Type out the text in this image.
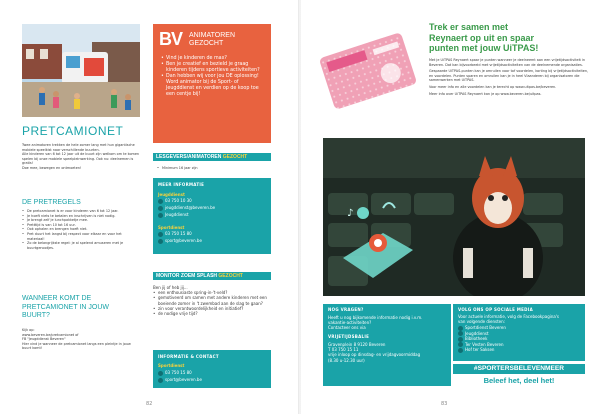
PRETCAMIONET
Twee animatoren trekken de hele zomer lang met hun gigantische mobiele speelkist naar verschillende buurten.
Alle kinderen van 6 tot 12 jaar uit de buurt zijn welkom om te komen spelen bij onze mobiele speelpleinwerking. Ook nu: deelnemen is gratis!
Doe mee, bewegen en ontmoeten!
DE PRETREGELS
• De pretcamionet is er voor kinderen van 6 tot 12 jaar.
• Je hoeft niets te betalen en inschrijven is niet nodig.
• Je brengt zelf je lunchpakketje mee.
• Pretttijd is van 10 tot 16 uur.
• Ook ophalen en brengen hoeft niet.
• Pret duurt het langst bij respect voor elkaar en voor het materiaal!
• Zo de belangrijkste regel: je al spelend amuseren met je buurtgenootjes.
WANNEER KOMT DE PRETCAMIONET IN JOUW BUURT?
Kijk op:
www.beveren.be/pretcamionet of
FB "Jeugddienst Beveren"
Hier vind je wanneer de pretcamionet langs een pleintje in jouw buurt komt!
BV ANIMATOREN
GEZOCHT
• Vind je kinderen de max?
• Ben je creatief en bezield je graag kinderen tijdens sportieve activiteiten?
• Dan hebben wij voor jou DE oplossing! Word animator bij de Sport- of Jeugddienst en verdien op de koop toe een centje bij!
LESGEVERS/ANIMATOREN GEZOCHT
• Minimum 16 jaar zijn
MEER INFORMATIE
Jeugddienst
03 750 10 30
jeugddienst@beveren.be
Jeugddienst
Sportdienst
03 750 15 80
sport@beveren.be
MONITOR ZOEM SPLASH GEZOCHT
Ben jij of heb jij...
• een enthousiaste spring-in-'t-veld?
• gemotiveerd om samen met andere kinderen met een boeiende zomer in 't zwembad aan de slag te gaan?
• zin voor verantwoordelijkheid en initiatief?
• de nodige vrije tijd?
INFORMATIE & CONTACT
Sportdienst
03 750 15 80
sport@beveren.be
82
Trek er samen met
Reynaert op uit en spaar
punten met jouw UiTPAS!
Met je UiTPAS Reynaert spaar je punten wanneer je deelneemt aan een vrijetijdsactiviteit in Beveren. Dat kan bijvoorbeeld met vrijetijdsactiviteiten van de deelnemende organisaties.
Gespaarde UiTPAS-punten kan je omruilen voor tof voordelen, korting bij vrijetijdsactiviteiten, en voordelen. Punten sparen en omruilen kan je in heel Vlaanderen bij organisatoren die samenwerken met UiTPAS.
Voor meer info en alle voordelen kan je terecht op www.uitpas.be/beveren.
Meer info over UiTPAS Reynaert kan je op www.beveren.be/uitpas.
♪
NOG VRAGEN?
Heeft u nog bijkomende informatie nodig i.v.m.
vakantie-activiteiten?
Contacteer ons via
VRIJETIJDSBALIE
Gravenplein 8 9120 Beveren
T 03 750 15 11
vrije inloop op dinsdag- en vrijdagvoormiddag
(8.30 u-12.30 uur)
VOLG ONS OP SOCIALE MEDIA
Voor actuele informatie, volg de Facebookpagina's
van volgende diensten:
Sportdienst Beveren
Jeugddienst
Bibliotheek
Ter Vesten Beveren
Hof ter Saksen
#SPORTERSBELEVENMEER
Beleef het, deel het!
83
